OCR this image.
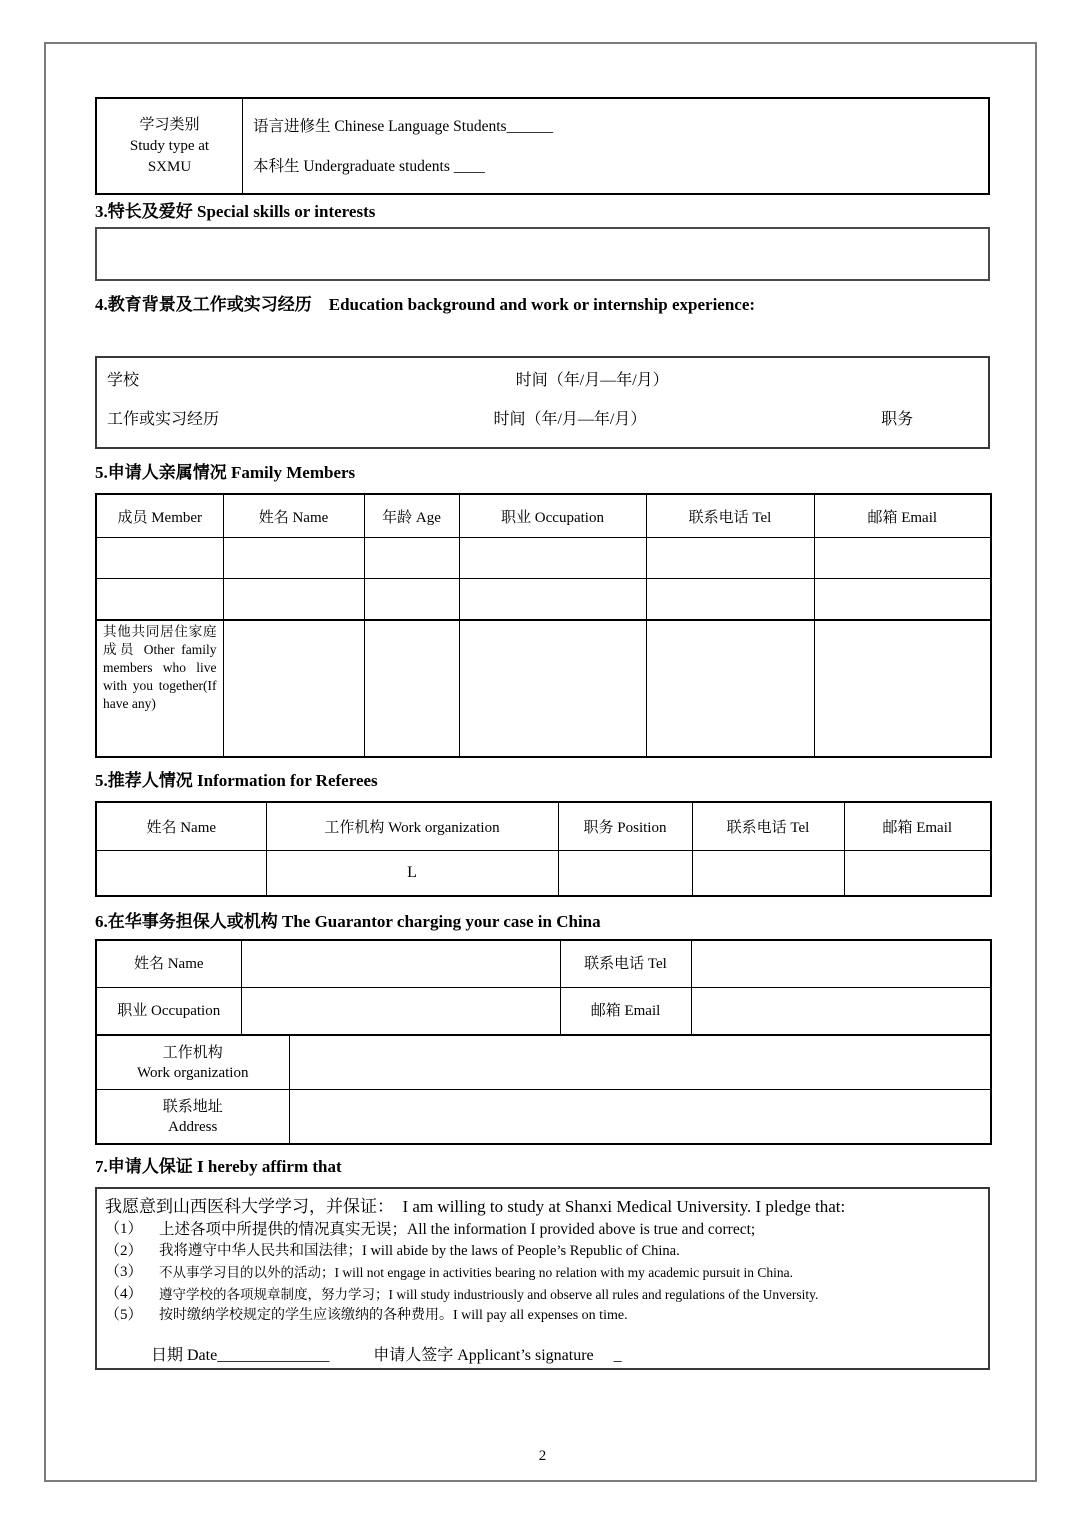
学习类别
Study type at
SXMU

语言进修生 Chinese Language Students______
本科生 Undergraduate students ____
3.特长及爱好 Special skills or interests
4.教育背景及工作或实习经历　Education background and work or internship experience:
学校	时间（年/月—年/月）
工作或实习经历	时间（年/月—年/月）	职务
5.申请人亲属情况 Family Members
成员 Member	姓名 Name	年龄 Age	职业 Occupation	联系电话 Tel	邮箱 Email

其他共同居住家庭成员 Other family members who live with you together(If have any)					
5.推荐人情况 Information for Referees
姓名 Name	工作机构 Work organization	职务 Position	联系电话 Tel	邮箱 Email
	L			
6.在华事务担保人或机构 The Guarantor charging your case in China
姓名 Name		联系电话 Tel	
职业 Occupation		邮箱 Email	
工作机构
Work organization	

联系地址
Address	

7.申请人保证 I hereby affirm that
我愿意到山西医科大学学习，并保证：　I am willing to study at Shanxi Medical University. I pledge that:
（1）	上述各项中所提供的情况真实无误；All the information I provided above is true and correct;
（2）	我将遵守中华人民共和国法律；I will abide by the laws of People’s Republic of China.
（3）	不从事学习目的以外的活动；I will not engage in activities bearing no relation with my academic pursuit in China.
（4）	遵守学校的各项规章制度，努力学习；I will study industriously and observe all rules and regulations of the Unversity.
（5）	按时缴纳学校规定的学生应该缴纳的各种费用。I will pay all expenses on time.
日期 Date______________	申请人签字 Applicant’s signature _
2
